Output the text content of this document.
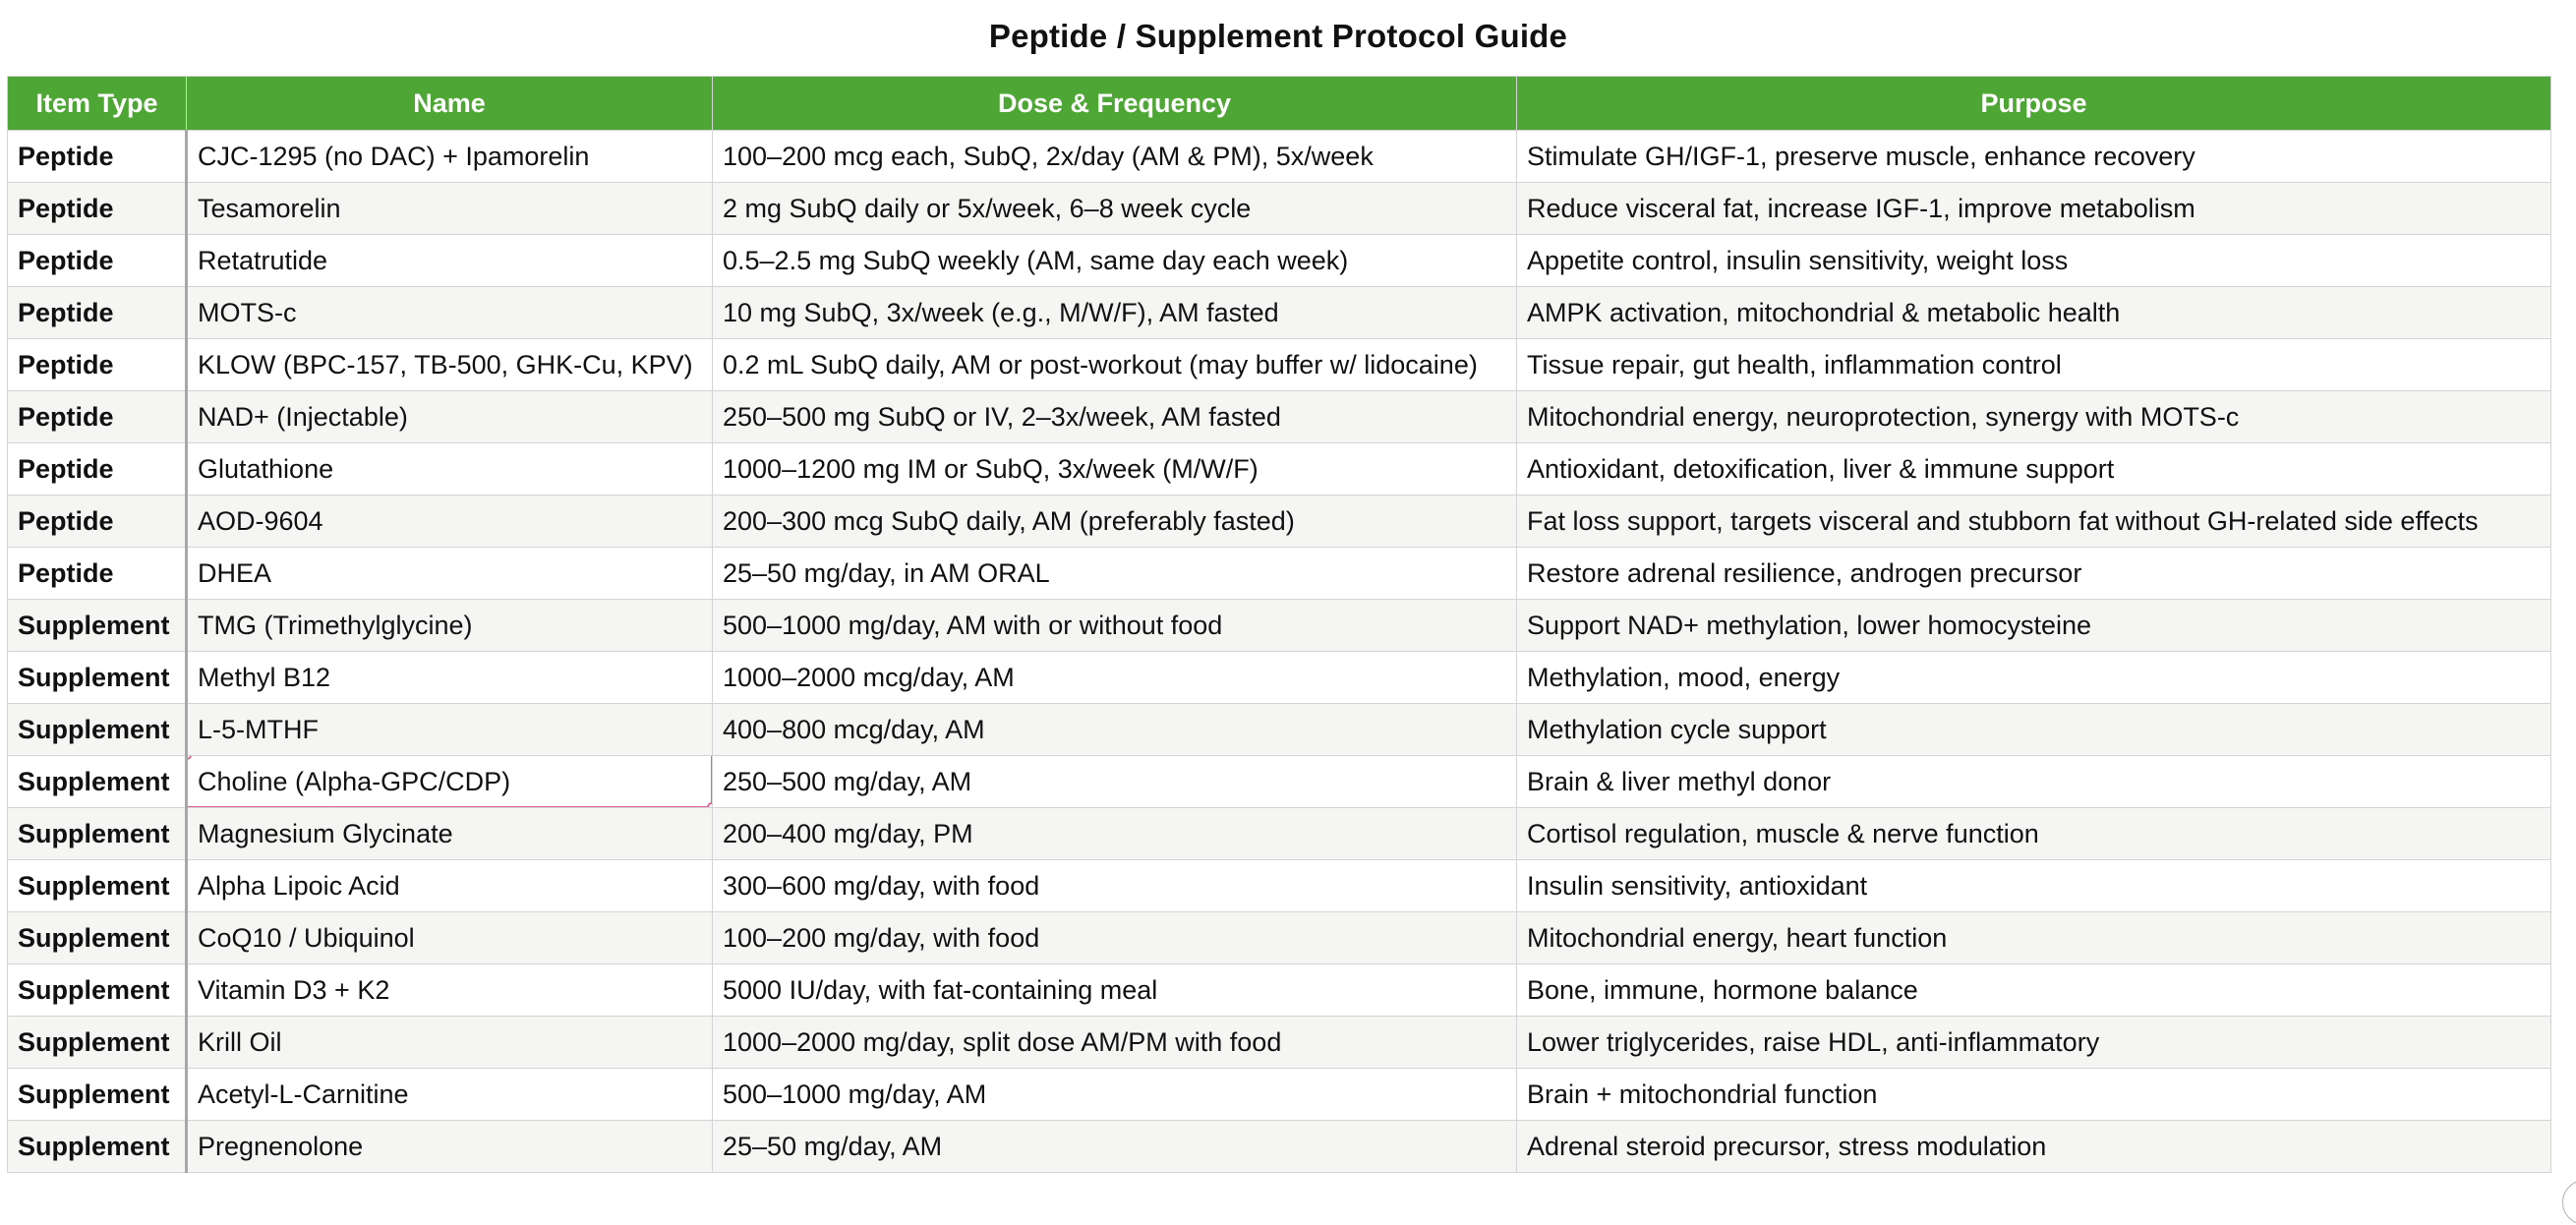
Peptide / Supplement Protocol Guide
Item Type	Name	Dose & Frequency	Purpose
Peptide	CJC-1295 (no DAC) + Ipamorelin	100–200 mcg each, SubQ, 2x/day (AM & PM), 5x/week	Stimulate GH/IGF-1, preserve muscle, enhance recovery
Peptide	Tesamorelin	2 mg SubQ daily or 5x/week, 6–8 week cycle	Reduce visceral fat, increase IGF-1, improve metabolism
Peptide	Retatrutide	0.5–2.5 mg SubQ weekly (AM, same day each week)	Appetite control, insulin sensitivity, weight loss
Peptide	MOTS-c	10 mg SubQ, 3x/week (e.g., M/W/F), AM fasted	AMPK activation, mitochondrial & metabolic health
Peptide	KLOW (BPC-157, TB-500, GHK-Cu, KPV)	0.2 mL SubQ daily, AM or post-workout (may buffer w/ lidocaine)	Tissue repair, gut health, inflammation control
Peptide	NAD+ (Injectable)	250–500 mg SubQ or IV, 2–3x/week, AM fasted	Mitochondrial energy, neuroprotection, synergy with MOTS-c
Peptide	Glutathione	1000–1200 mg IM or SubQ, 3x/week (M/W/F)	Antioxidant, detoxification, liver & immune support
Peptide	AOD-9604	200–300 mcg SubQ daily, AM (preferably fasted)	Fat loss support, targets visceral and stubborn fat without GH-related side effects
Peptide	DHEA	25–50 mg/day, in AM ORAL	Restore adrenal resilience, androgen precursor
Supplement	TMG (Trimethylglycine)	500–1000 mg/day, AM with or without food	Support NAD+ methylation, lower homocysteine
Supplement	Methyl B12	1000–2000 mcg/day, AM	Methylation, mood, energy
Supplement	L-5-MTHF	400–800 mcg/day, AM	Methylation cycle support
Supplement	Choline (Alpha-GPC/CDP)	250–500 mg/day, AM	Brain & liver methyl donor
Supplement	Magnesium Glycinate	200–400 mg/day, PM	Cortisol regulation, muscle & nerve function
Supplement	Alpha Lipoic Acid	300–600 mg/day, with food	Insulin sensitivity, antioxidant
Supplement	CoQ10 / Ubiquinol	100–200 mg/day, with food	Mitochondrial energy, heart function
Supplement	Vitamin D3 + K2	5000 IU/day, with fat-containing meal	Bone, immune, hormone balance
Supplement	Krill Oil	1000–2000 mg/day, split dose AM/PM with food	Lower triglycerides, raise HDL, anti-inflammatory
Supplement	Acetyl-L-Carnitine	500–1000 mg/day, AM	Brain + mitochondrial function
Supplement	Pregnenolone	25–50 mg/day, AM	Adrenal steroid precursor, stress modulation
